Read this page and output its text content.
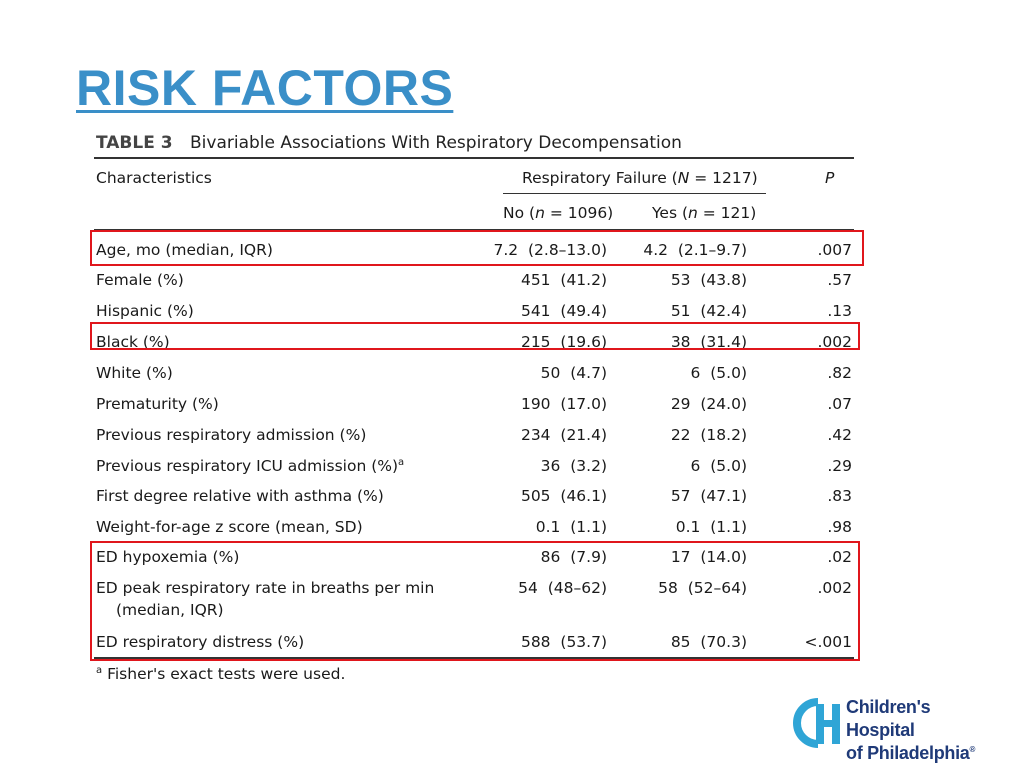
RISK FACTORS
TABLE 3 Bivariable Associations With Respiratory Decompensation
Characteristics	Respiratory Failure (N = 1217)	P
No (n = 1096)	Yes (n = 121)
Age, mo (median, IQR)	7.2  (2.8–13.0)	4.2  (2.1–9.7)	.007
Female (%)	451  (41.2)	53  (43.8)	.57
Hispanic (%)	541  (49.4)	51  (42.4)	.13
Black (%)	215  (19.6)	38  (31.4)	.002
White (%)	50  (4.7)	6  (5.0)	.82
Prematurity (%)	190  (17.0)	29  (24.0)	.07
Previous respiratory admission (%)	234  (21.4)	22  (18.2)	.42
Previous respiratory ICU admission (%)$^a$	36  (3.2)	6  (5.0)	.29
First degree relative with asthma (%)	505  (46.1)	57  (47.1)	.83
Weight-for-age z score (mean, SD)	0.1  (1.1)	0.1  (1.1)	.98
ED hypoxemia (%)	86  (7.9)	17  (14.0)	.02
ED peak respiratory rate in breaths per min
(median, IQR)
54  (48–62)	58  (52–64)	.002
ED respiratory distress (%)	588  (53.7)	85  (70.3)	<.001
$^a$ Fisher's exact tests were used.
Children's Hospital
of Philadelphia®
